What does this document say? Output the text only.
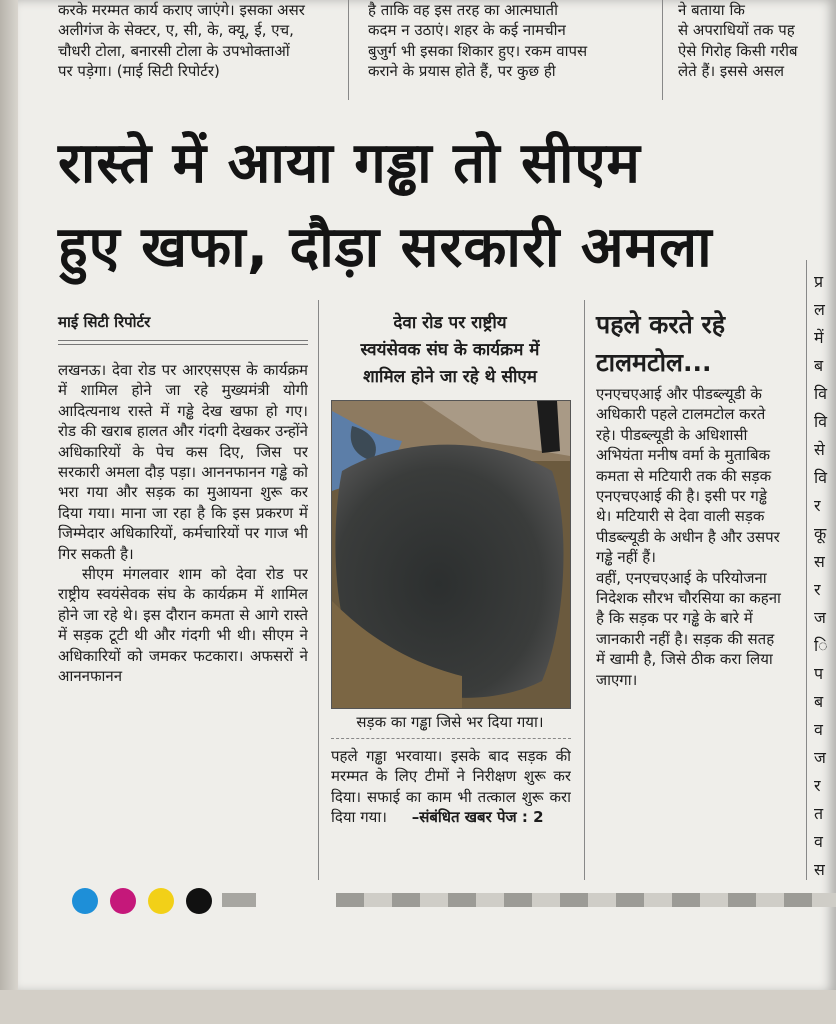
करके मरम्मत कार्य कराए जाएंगे। इसका असर

अलीगंज के सेक्टर, ए, सी, के, क्यू, ई, एच,

चौधरी टोला, बनारसी टोला के उपभोक्ताओं

पर पड़ेगा। (माई सिटी रिपोर्टर)

है ताकि वह इस तरह का आत्मघाती

कदम न उठाएं। शहर के कई नामचीन

बुजुर्ग भी इसका शिकार हुए। रकम वापस

कराने के प्रयास होते हैं, पर कुछ ही

ने बताया कि

से अपराधियों तक पह

ऐसे गिरोह किसी गरीब

लेते हैं। इससे असल

रास्ते में आया गड्ढा तो सीएम
हुए खफा, दौड़ा सरकारी अमला
माई सिटी रिपोर्टर

लखनऊ। देवा रोड पर आरएसएस के कार्यक्रम में शामिल होने जा रहे मुख्यमंत्री योगी आदित्यनाथ रास्ते में गड्ढे देख खफा हो गए। रोड की खराब हालत और गंदगी देखकर उन्होंने अधिकारियों के पेच कस दिए, जिस पर सरकारी अमला दौड़ पड़ा। आननफानन गड्ढे को भरा गया और सड़क का मुआयना शुरू कर दिया गया। माना जा रहा है कि इस प्रकरण में जिम्मेदार अधिकारियों, कर्मचारियों पर गाज भी गिर सकती है।

सीएम मंगलवार शाम को देवा रोड पर राष्ट्रीय स्वयंसेवक संघ के कार्यक्रम में शामिल होने जा रहे थे। इस दौरान कमता से आगे रास्ते में सड़क टूटी थी और गंदगी भी थी। सीएम ने अधिकारियों को जमकर फटकारा। अफसरों ने आननफानन

देवा रोड पर राष्ट्रीय
स्वयंसेवक संघ के कार्यक्रम में
शामिल होने जा रहे थे सीएम
सड़क का गड्ढा जिसे भर दिया गया।
पहले गड्ढा भरवाया। इसके बाद सड़क की मरम्मत के लिए टीमों ने निरीक्षण शुरू कर दिया। सफाई का काम भी तत्काल शुरू करा दिया गया। –संबंधित खबर पेज : 2
पहले करते रहे
टालमटोल...

एनएचएआई और पीडब्ल्यूडी के अधिकारी पहले टालमटोल करते रहे। पीडब्ल्यूडी के अधिशासी अभियंता मनीष वर्मा के मुताबिक कमता से मटियारी तक की सड़क एनएचएआई की है। इसी पर गड्ढे थे। मटियारी से देवा वाली सड़क पीडब्ल्यूडी के अधीन है और उसपर गड्ढे नहीं हैं।

वहीं, एनएचएआई के परियोजना निदेशक सौरभ चौरसिया का कहना है कि सड़क पर गड्ढे के बारे में जानकारी नहीं है। सड़क की सतह में खामी है, जिसे ठीक करा लिया जाएगा।

प्र
ल
में
ब
वि
वि
से
वि
र
कू
स
र
ज
ि
प
ब
व
ज
र
त
व
स
